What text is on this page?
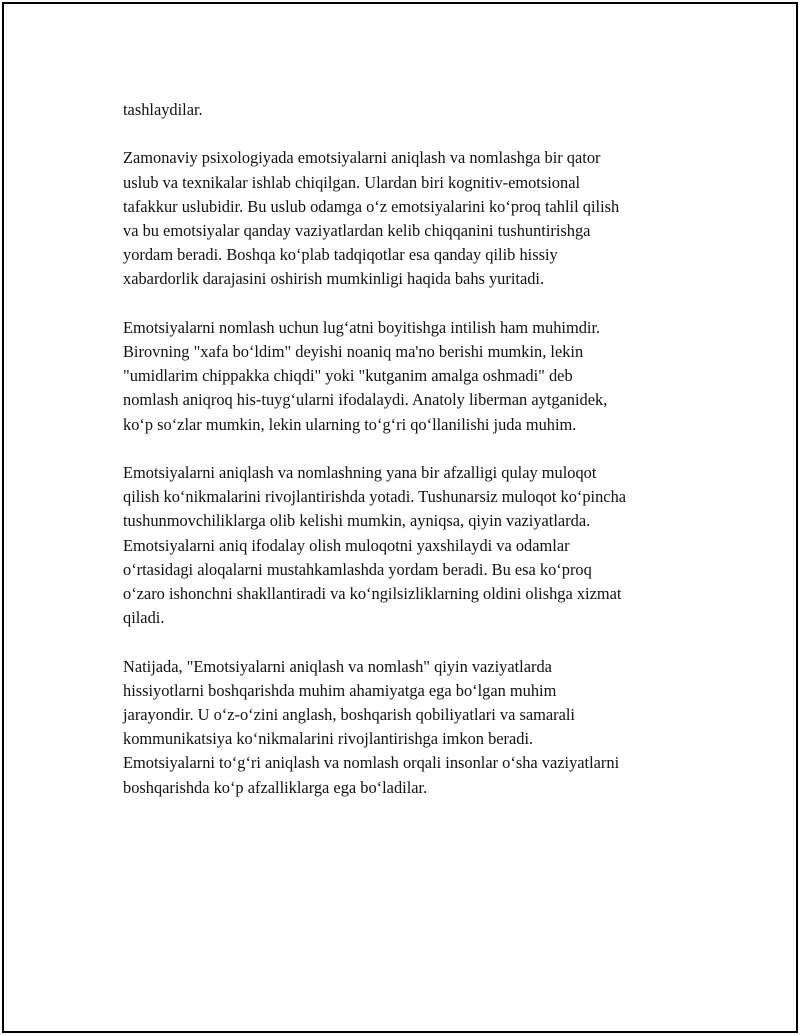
tashlaydilar.

Zamonaviy psixologiyada emotsiyalarni aniqlash va nomlashga bir qator
uslub va texnikalar ishlab chiqilgan. Ulardan biri kognitiv-emotsional
tafakkur uslubidir. Bu uslub odamga o‘z emotsiyalarini ko‘proq tahlil qilish
va bu emotsiyalar qanday vaziyatlardan kelib chiqqanini tushuntirishga
yordam beradi. Boshqa ko‘plab tadqiqotlar esa qanday qilib hissiy
xabardorlik darajasini oshirish mumkinligi haqida bahs yuritadi.

Emotsiyalarni nomlash uchun lug‘atni boyitishga intilish ham muhimdir.
Birovning "xafa bo‘ldim" deyishi noaniq ma'no berishi mumkin, lekin
"umidlarim chippakka chiqdi" yoki "kutganim amalga oshmadi" deb
nomlash aniqroq his-tuyg‘ularni ifodalaydi. Anatoly liberman aytganidek,
ko‘p so‘zlar mumkin, lekin ularning to‘g‘ri qo‘llanilishi juda muhim.

Emotsiyalarni aniqlash va nomlashning yana bir afzalligi qulay muloqot
qilish ko‘nikmalarini rivojlantirishda yotadi. Tushunarsiz muloqot ko‘pincha
tushunmovchiliklarga olib kelishi mumkin, ayniqsa, qiyin vaziyatlarda.
Emotsiyalarni aniq ifodalay olish muloqotni yaxshilaydi va odamlar
o‘rtasidagi aloqalarni mustahkamlashda yordam beradi. Bu esa ko‘proq
o‘zaro ishonchni shakllantiradi va ko‘ngilsizliklarning oldini olishga xizmat
qiladi.

Natijada, "Emotsiyalarni aniqlash va nomlash" qiyin vaziyatlarda
hissiyotlarni boshqarishda muhim ahamiyatga ega bo‘lgan muhim
jarayondir. U o‘z-o‘zini anglash, boshqarish qobiliyatlari va samarali
kommunikatsiya ko‘nikmalarini rivojlantirishga imkon beradi.
Emotsiyalarni to‘g‘ri aniqlash va nomlash orqali insonlar o‘sha vaziyatlarni
boshqarishda ko‘p afzalliklarga ega bo‘ladilar.
